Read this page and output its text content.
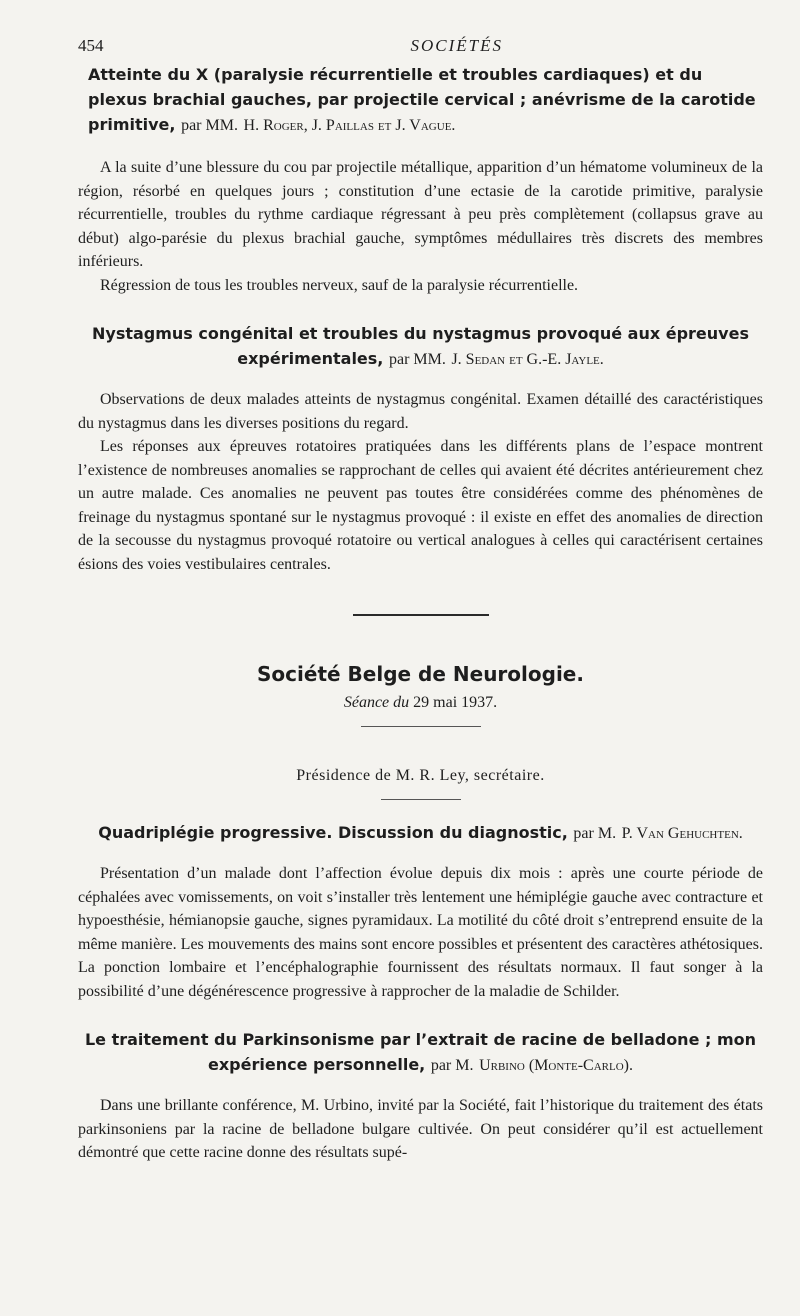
454	SOCIÉTÉS
Atteinte du X (paralysie récurrentielle et troubles cardiaques) et du plexus brachial gauches, par projectile cervical ; anévrisme de la carotide primitive, par MM. H. Roger, J. Paillas et J. Vague.

A la suite d’une blessure du cou par projectile métallique, apparition d’un hématome volumineux de la région, résorbé en quelques jours ; constitution d’une ectasie de la carotide primitive, paralysie récurrentielle, troubles du rythme cardiaque régressant à peu près complètement (collapsus grave au début) algo-parésie du plexus brachial gauche, symptômes médullaires très discrets des membres inférieurs.

Régression de tous les troubles nerveux, sauf de la paralysie récurrentielle.

Nystagmus congénital et troubles du nystagmus provoqué aux épreuves expérimentales, par MM. J. Sedan et G.-E. Jayle.

Observations de deux malades atteints de nystagmus congénital. Examen détaillé des caractéristiques du nystagmus dans les diverses positions du regard.

Les réponses aux épreuves rotatoires pratiquées dans les différents plans de l’espace montrent l’existence de nombreuses anomalies se rapprochant de celles qui avaient été décrites antérieurement chez un autre malade. Ces anomalies ne peuvent pas toutes être considérées comme des phénomènes de freinage du nystagmus spontané sur le nystagmus provoqué : il existe en effet des anomalies de direction de la secousse du nystagmus provoqué rotatoire ou vertical analogues à celles qui caractérisent certaines ésions des voies vestibulaires centrales.

Société Belge de Neurologie.
Séance du 29 mai 1937.
Présidence de M. R. Ley, secrétaire.
Quadriplégie progressive. Discussion du diagnostic, par M. P. Van Gehuchten.

Présentation d’un malade dont l’affection évolue depuis dix mois : après une courte période de céphalées avec vomissements, on voit s’installer très lentement une hémiplégie gauche avec contracture et hypoesthésie, hémianopsie gauche, signes pyramidaux. La motilité du côté droit s’entreprend ensuite de la même manière. Les mouvements des mains sont encore possibles et présentent des caractères athétosiques. La ponction lombaire et l’encéphalographie fournissent des résultats normaux. Il faut songer à la possibilité d’une dégénérescence progressive à rapprocher de la maladie de Schilder.

Le traitement du Parkinsonisme par l’extrait de racine de belladone ; mon expérience personnelle, par M. Urbino (Monte-Carlo).

Dans une brillante conférence, M. Urbino, invité par la Société, fait l’historique du traitement des états parkinsoniens par la racine de belladone bulgare cultivée. On peut considérer qu’il est actuellement démontré que cette racine donne des résultats supé-
